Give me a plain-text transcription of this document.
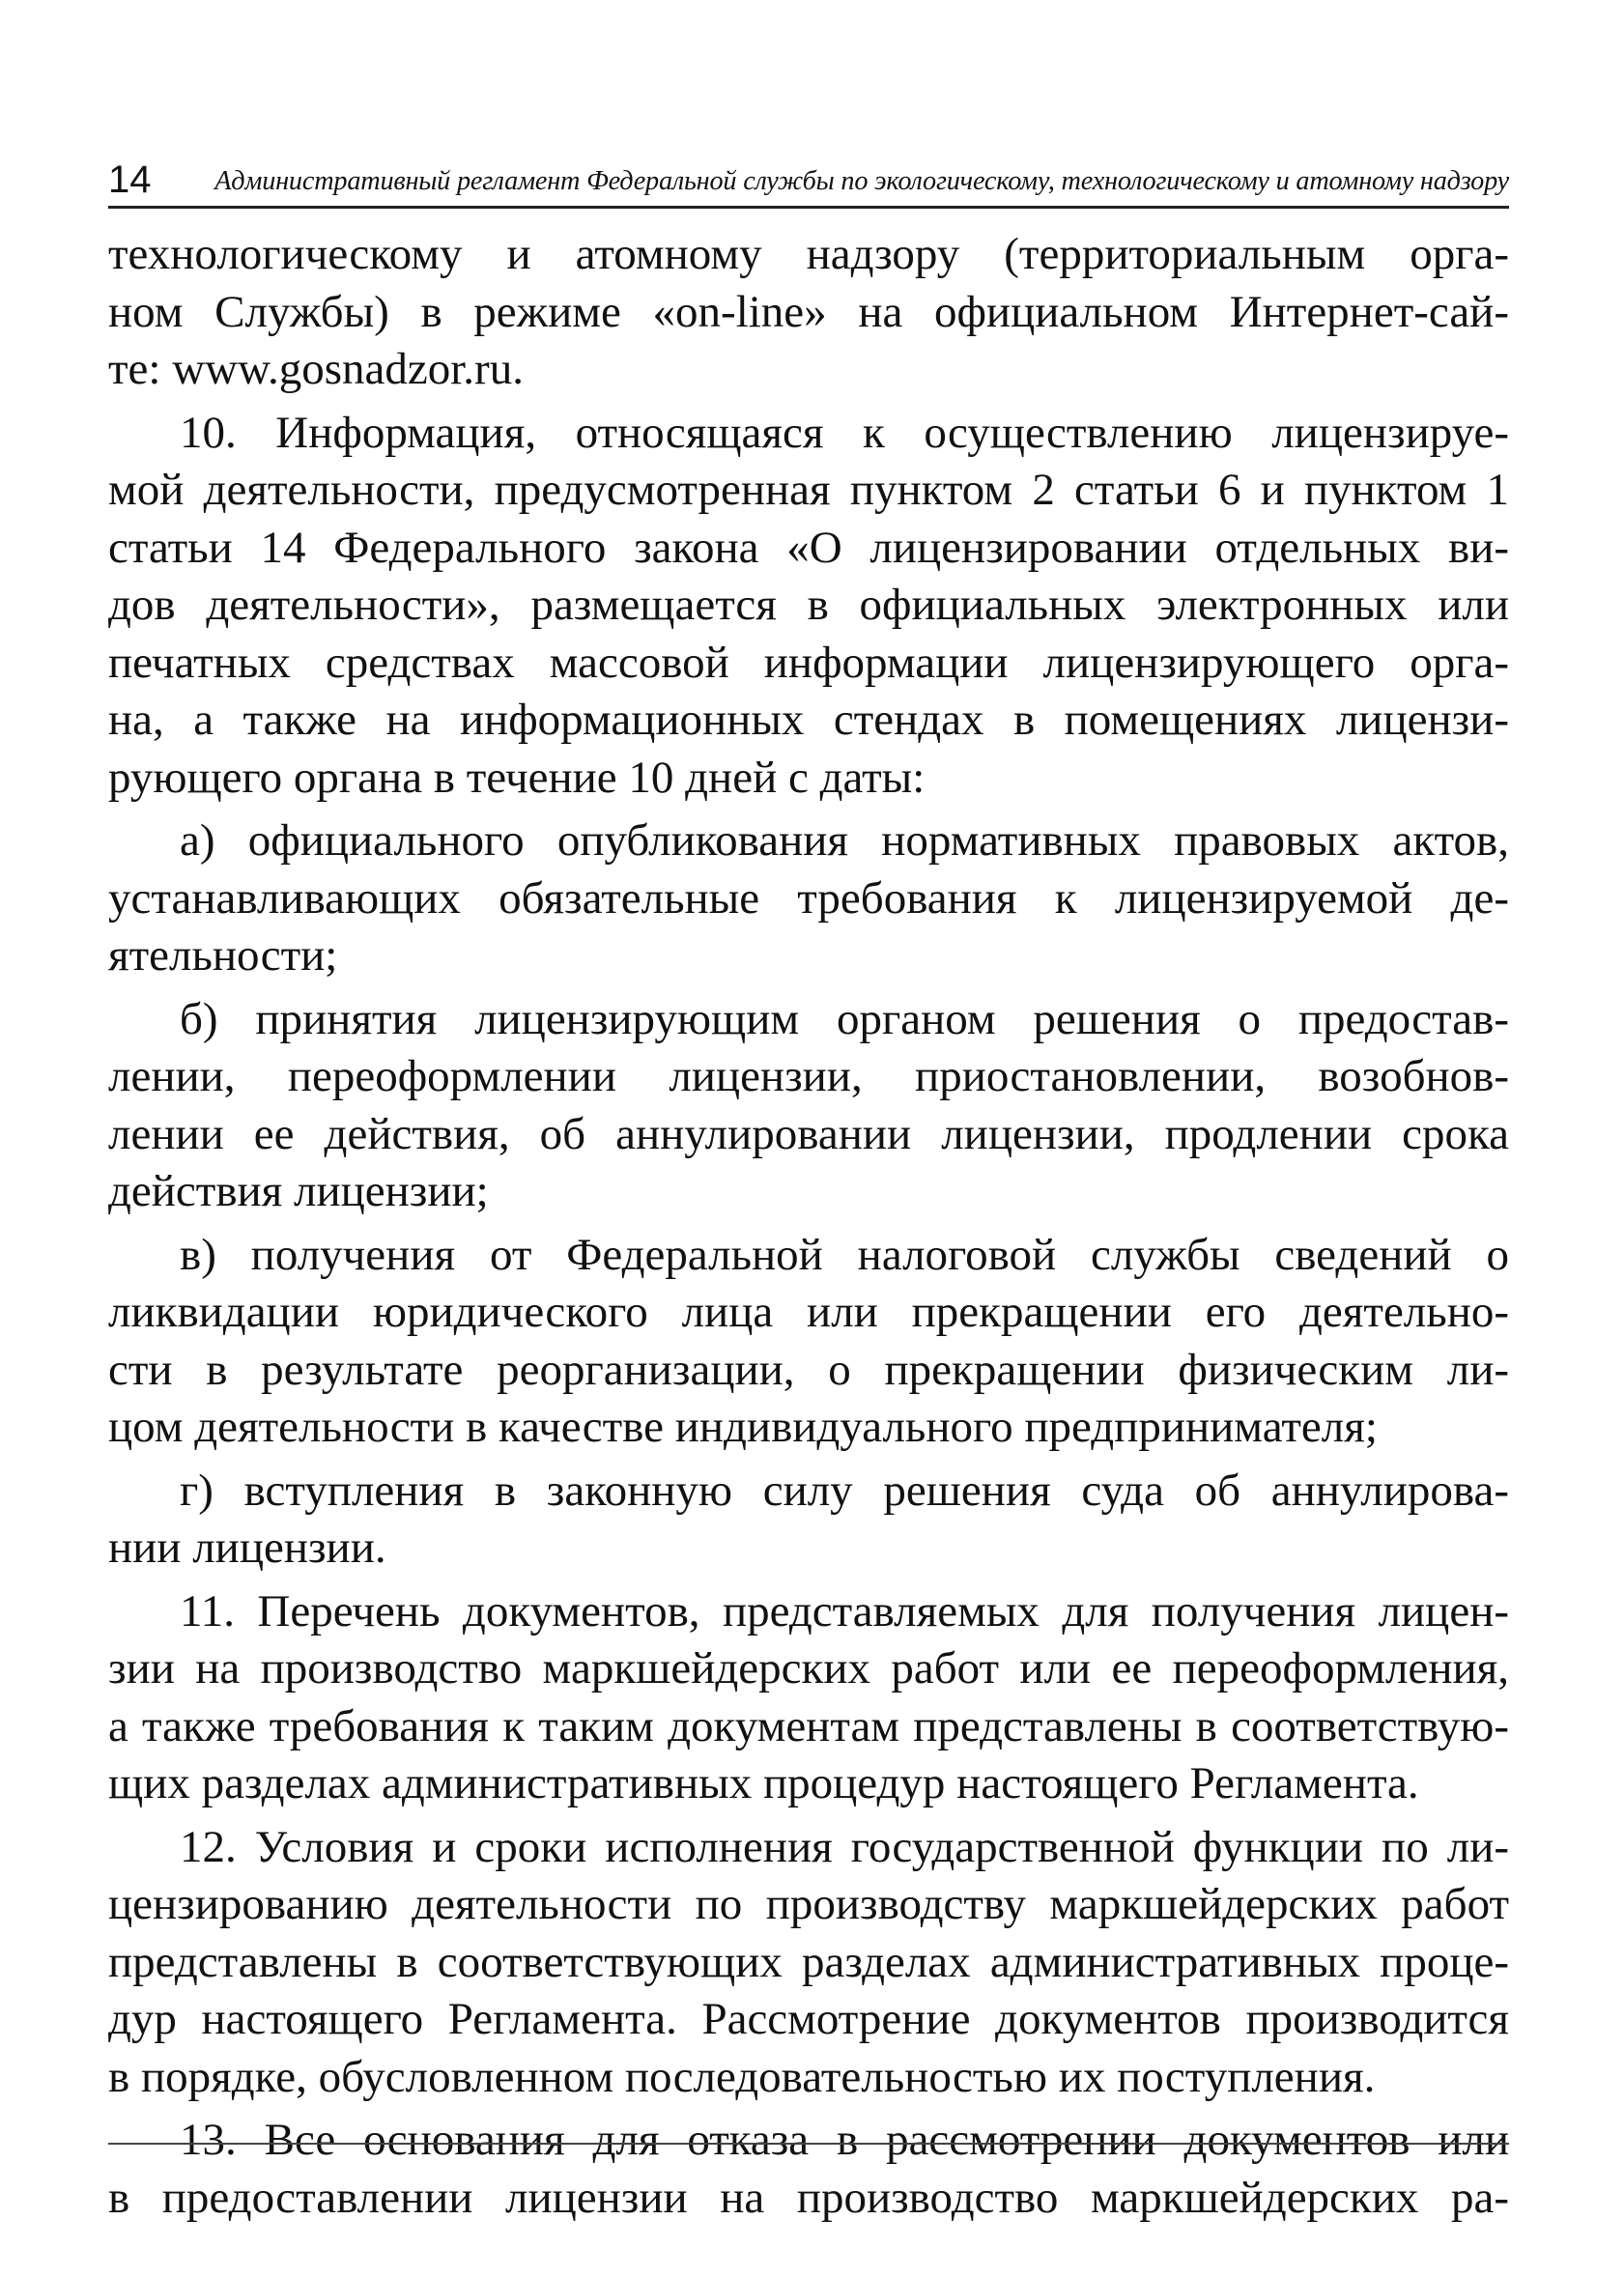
14 Административный регламент Федеральной службы по экологическому, технологическому и атомному надзору
технологическому и атомному надзору (территориальным орга-
ном Службы) в режиме «on-line» на официальном Интернет-сай-
те: www.gosnadzor.ru.
10. Информация, относящаяся к осуществлению лицензируе-
мой деятельности, предусмотренная пунктом 2 статьи 6 и пунктом 1
статьи 14 Федерального закона «О лицензировании отдельных ви-
дов деятельности», размещается в официальных электронных или
печатных средствах массовой информации лицензирующего орга-
на, а также на информационных стендах в помещениях лицензи-
рующего органа в течение 10 дней с даты:
а) официального опубликования нормативных правовых актов,
устанавливающих обязательные требования к лицензируемой де-
ятельности;
б) принятия лицензирующим органом решения о предостав-
лении, переоформлении лицензии, приостановлении, возобнов-
лении ее действия, об аннулировании лицензии, продлении срока
действия лицензии;
в) получения от Федеральной налоговой службы сведений о
ликвидации юридического лица или прекращении его деятельно-
сти в результате реорганизации, о прекращении физическим ли-
цом деятельности в качестве индивидуального предпринимателя;
г) вступления в законную силу решения суда об аннулирова-
нии лицензии.
11. Перечень документов, представляемых для получения лицен-
зии на производство маркшейдерских работ или ее переоформления,
а также требования к таким документам представлены в соответствую-
щих разделах административных процедур настоящего Регламента.
12. Условия и сроки исполнения государственной функции по ли-
цензированию деятельности по производству маркшейдерских работ
представлены в соответствующих разделах административных проце-
дур настоящего Регламента. Рассмотрение документов производится
в порядке, обусловленном последовательностью их поступления.
13. Все основания для отказа в рассмотрении документов или
в предоставлении лицензии на производство маркшейдерских ра-
